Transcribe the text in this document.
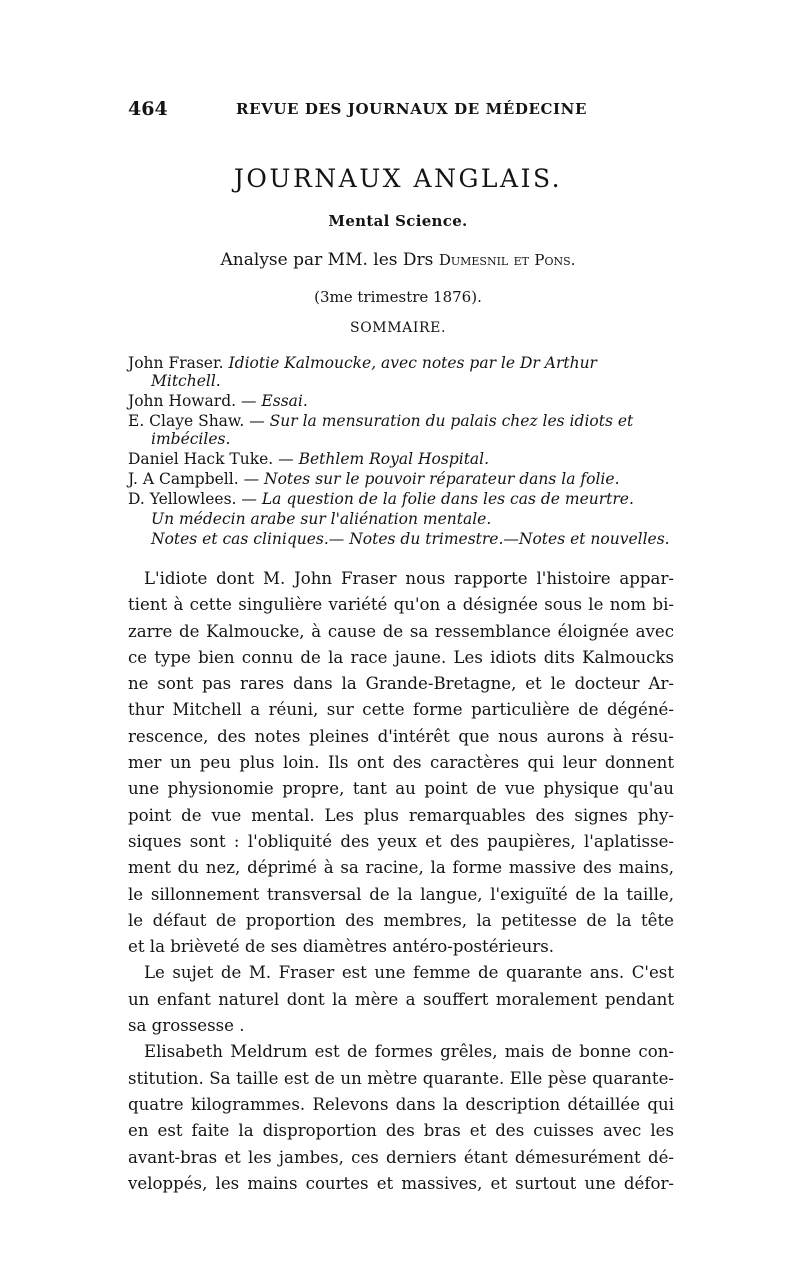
464	REVUE DES JOURNAUX DE MÉDECINE
JOURNAUX ANGLAIS.
Mental Science.
Analyse par MM. les Drs Dumesnil et Pons.
(3me trimestre 1876).
SOMMAIRE.
John Fraser. Idiotie Kalmoucke, avec notes par le Dr Arthur
Mitchell.
John Howard. — Essai.
E. Claye Shaw. — Sur la mensuration du palais chez les idiots et
imbéciles.
Daniel Hack Tuke. — Bethlem Royal Hospital.
J. A Campbell. — Notes sur le pouvoir réparateur dans la folie.
D. Yellowlees. — La question de la folie dans les cas de meurtre.
Un médecin arabe sur l'aliénation mentale.
Notes et cas cliniques.— Notes du trimestre.—Notes et nouvelles.
L'idiote dont M. John Fraser nous rapporte l'histoire appar-
tient à cette singulière variété qu'on a désignée sous le nom bi-
zarre de Kalmoucke, à cause de sa ressemblance éloignée avec
ce type bien connu de la race jaune. Les idiots dits Kalmoucks
ne sont pas rares dans la Grande-Bretagne, et le docteur Ar-
thur Mitchell a réuni, sur cette forme particulière de dégéné-
rescence, des notes pleines d'intérêt que nous aurons à résu-
mer un peu plus loin. Ils ont des caractères qui leur donnent
une physionomie propre, tant au point de vue physique qu'au
point de vue mental. Les plus remarquables des signes phy-
siques sont : l'obliquité des yeux et des paupières, l'aplatisse-
ment du nez, déprimé à sa racine, la forme massive des mains,
le sillonnement transversal de la langue, l'exiguïté de la taille,
le défaut de proportion des membres, la petitesse de la tête
et la brièveté de ses diamètres antéro-postérieurs.
Le sujet de M. Fraser est une femme de quarante ans. C'est
un enfant naturel dont la mère a souffert moralement pendant
sa grossesse .
Elisabeth Meldrum est de formes grêles, mais de bonne con-
stitution. Sa taille est de un mètre quarante. Elle pèse quarante-
quatre kilogrammes. Relevons dans la description détaillée qui
en est faite la disproportion des bras et des cuisses avec les
avant-bras et les jambes, ces derniers étant démesurément dé-
veloppés, les mains courtes et massives, et surtout une défor-
